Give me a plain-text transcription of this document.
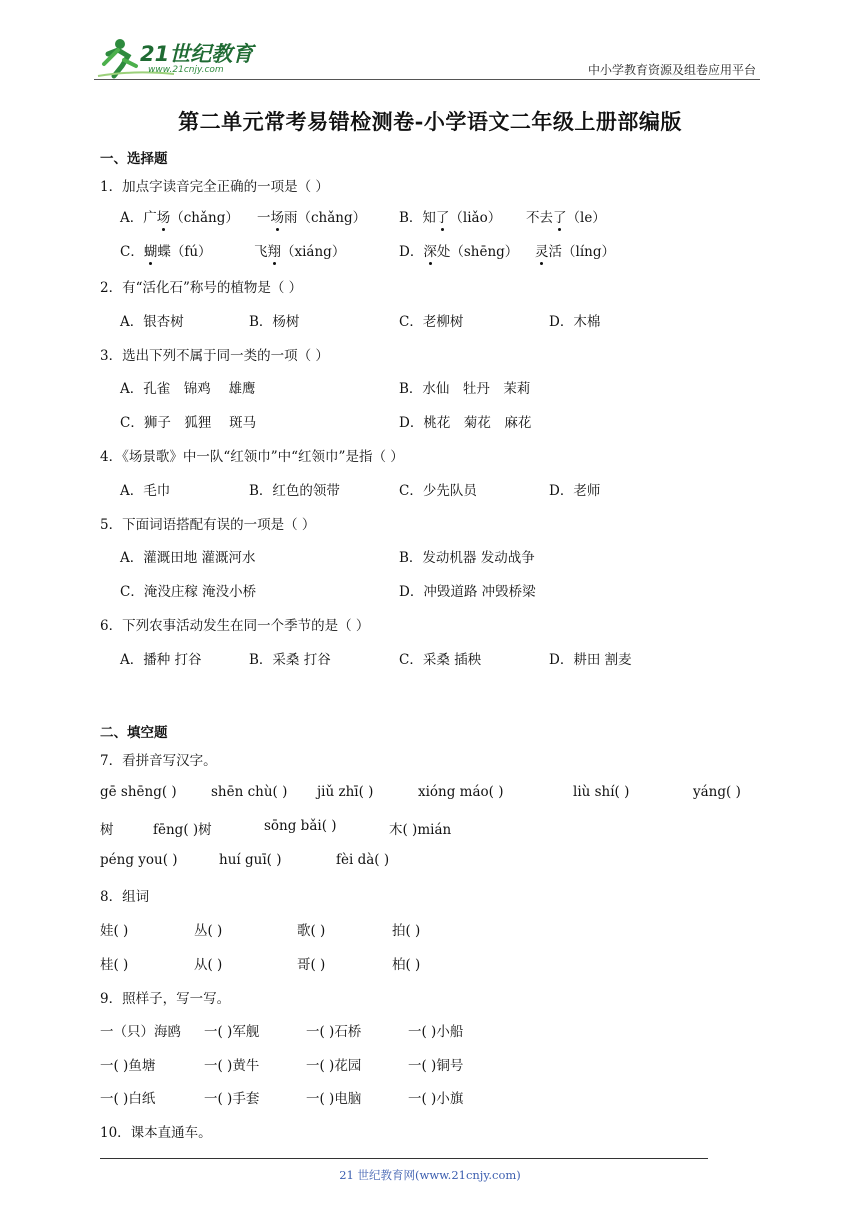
21世纪教育
www.21cnjy.com	中小学教育资源及组卷应用平台
第二单元常考易错检测卷-小学语文二年级上册部编版
一、选择题
1．加点字读音完全正确的一项是（ ）
A．广场（chǎng） 一场雨（chǎng） B．知了（liǎo） 不去了（le）
C．蝴蝶（fú）	飞翔（xiáng）	D．深处（shēng） 灵活（líng）
2．有“活化石”称号的植物是（ ）
A．银杏树	B．杨树	C．老柳树	D．木棉
3．选出下列不属于同一类的一项（ ）
A．孔雀　锦鸡　 雄鹰	B．水仙　牡丹　茉莉
C．狮子　狐狸　 斑马	D．桃花　菊花　麻花
4．《场景歌》中一队“红领巾”中“红领巾”是指（ ）
A．毛巾	B．红色的领带	C．少先队员	D．老师
5．下面词语搭配有误的一项是（ ）
A．灌溉田地 灌溉河水	B．发动机器 发动战争
C．淹没庄稼 淹没小桥	D．冲毁道路 冲毁桥梁
6．下列农事活动发生在同一个季节的是（ ）
A．播种 打谷	B．采桑 打谷	C．采桑 插秧	D．耕田 割麦
二、填空题
7．看拼音写汉字。
gē shēng( )	shēn chù( ) jiǔ zhī( )	xióng máo( )	liù shí( )	yáng( )
树	fēng( )树	sōng bǎi( )	木( )mián
péng you( )	huí guī( )	fèi dà( )
8．组词
娃( )	丛( )	歌( )	拍( )
桂( )	从( )	哥( )	柏( )
9．照样子，写一写。
一（只）海鸥 一( )军舰	一( )石桥	一( )小船
一( )鱼塘	一( )黄牛	一( )花园	一( )铜号
一( )白纸	一( )手套	一( )电脑	一( )小旗
10．课本直通车。
21 世纪教育网(www.21cnjy.com)
